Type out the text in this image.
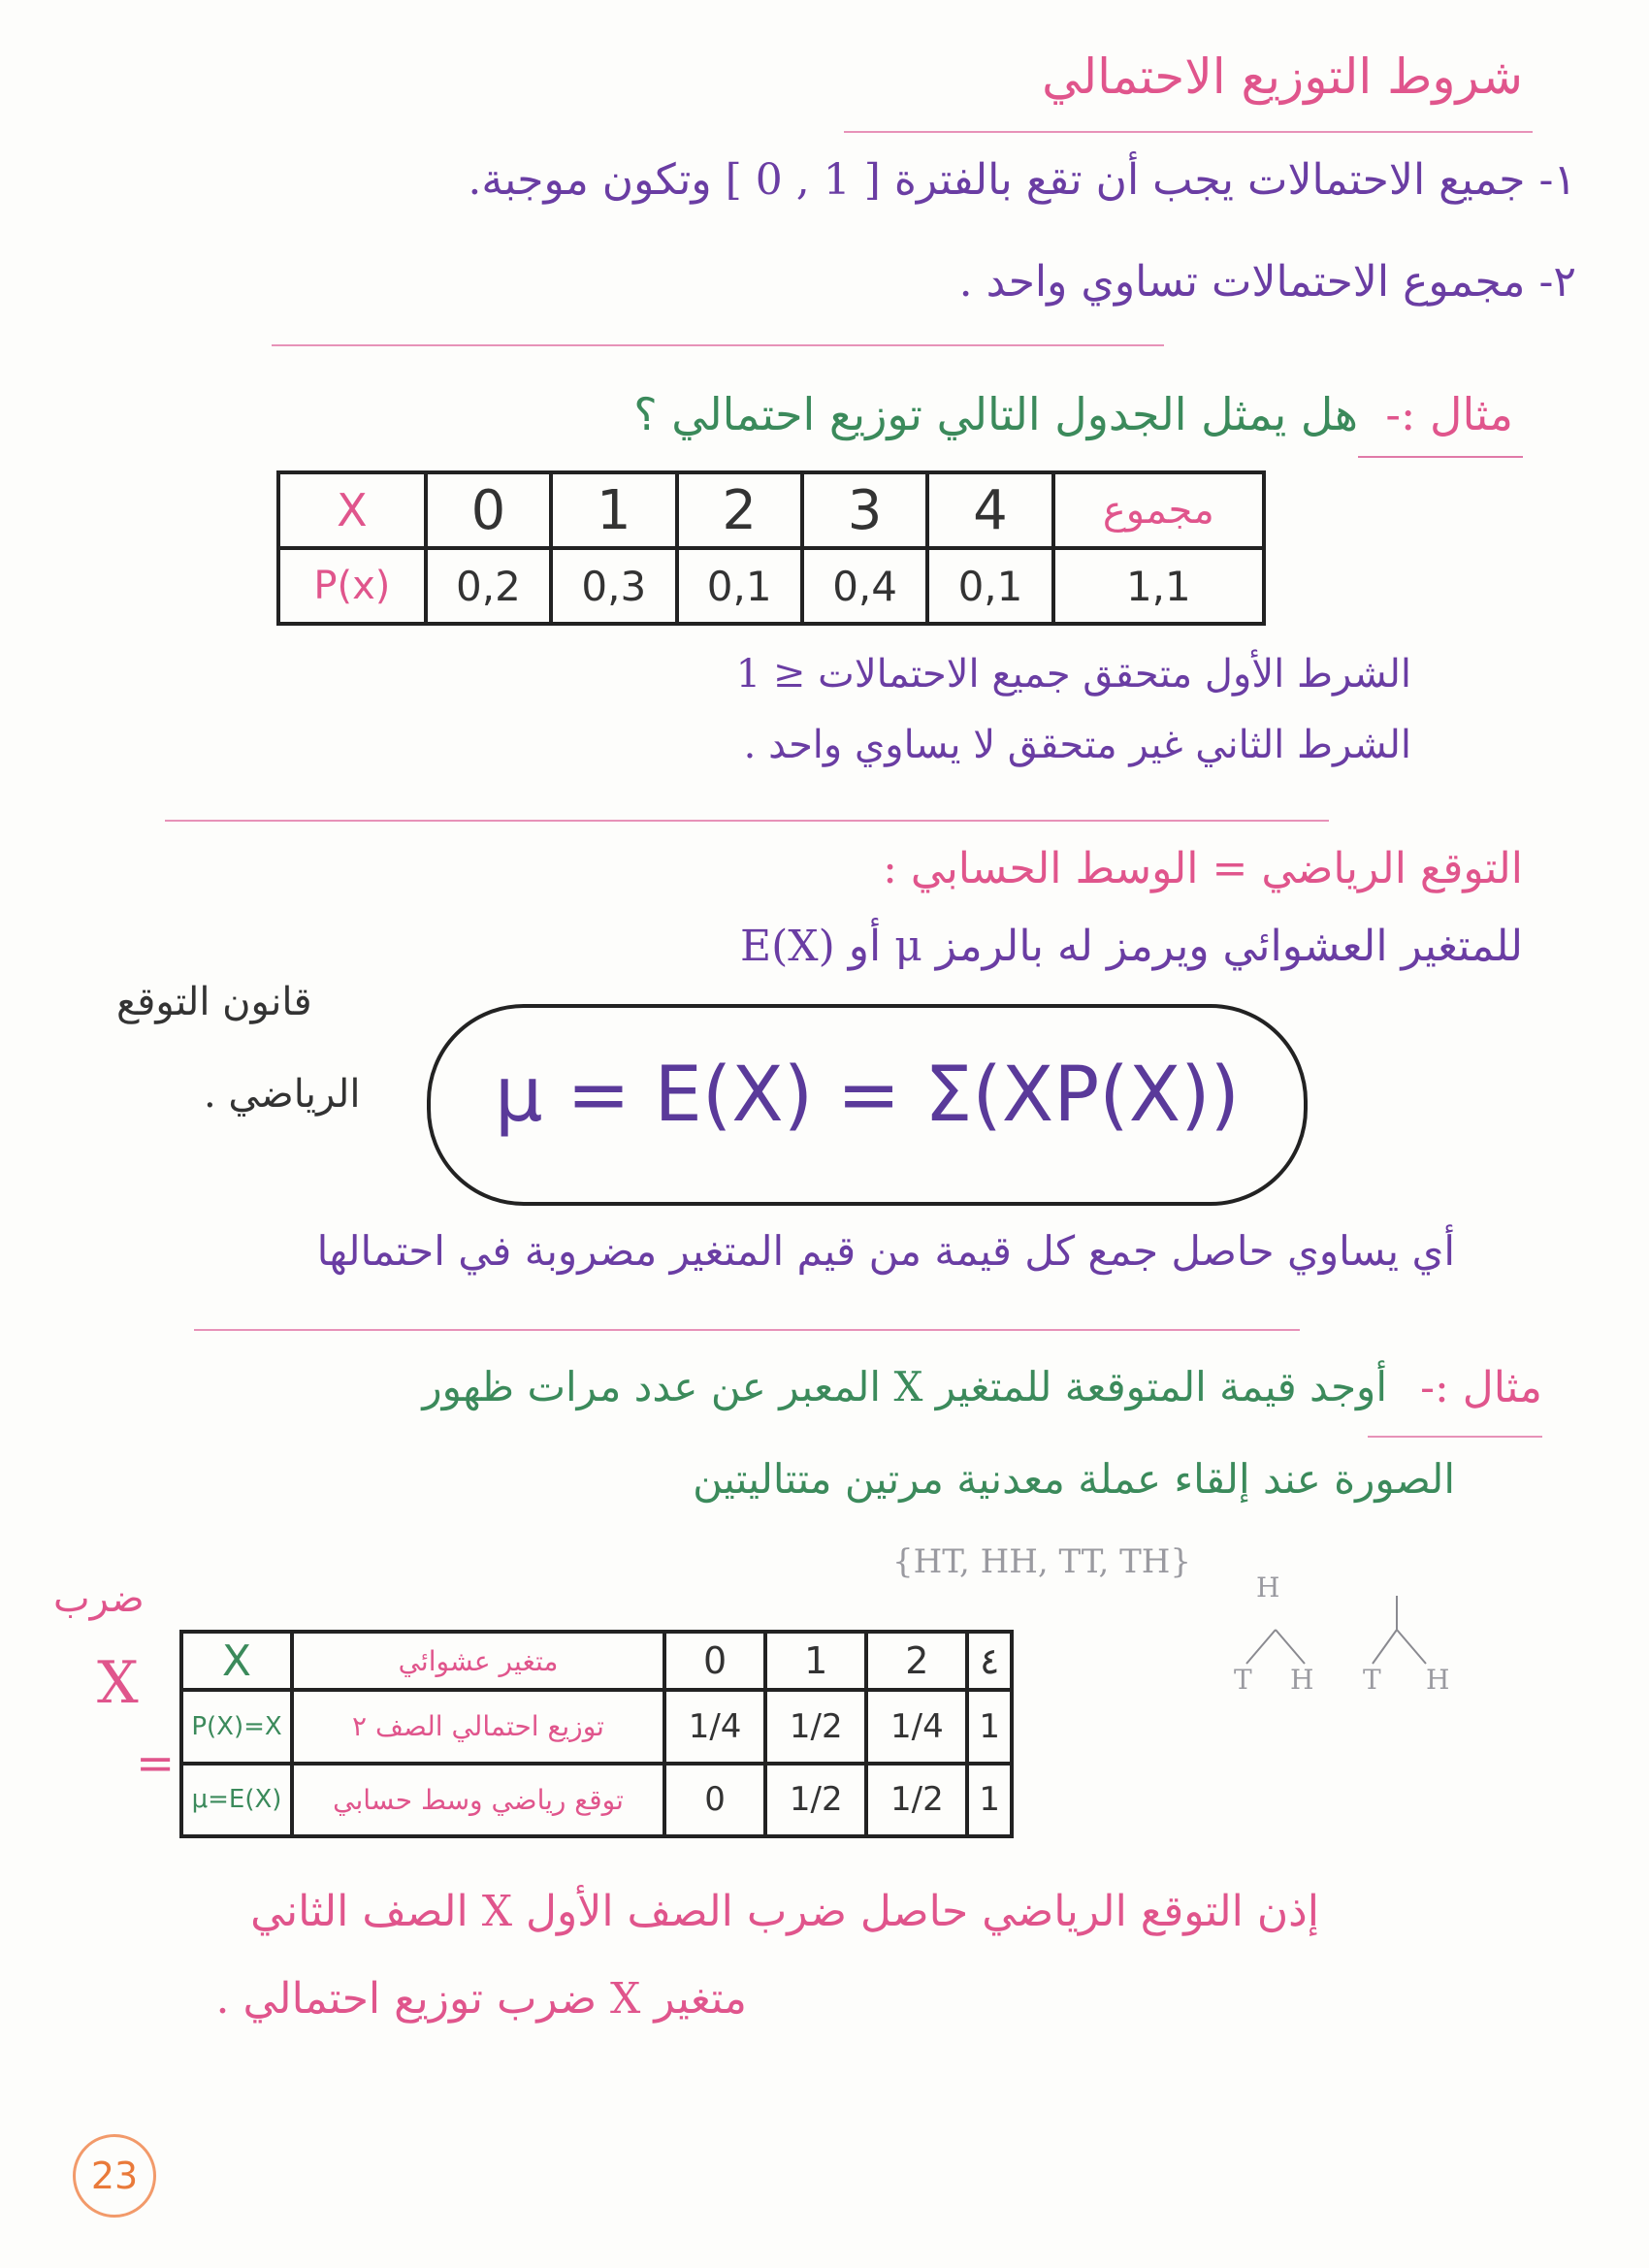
شروط التوزيع الاحتمالي
١- جميع الاحتمالات يجب أن تقع بالفترة [ 1 , 0 ] وتكون موجبة.
٢- مجموع الاحتمالات تساوي واحد .
مثال :-
هل يمثل الجدول التالي توزيع احتمالي ؟
X	0	1	2	3	4	مجموع
P(x)	0,2	0,3	0,1	0,4	0,1	1,1
الشرط الأول متحقق جميع الاحتمالات ≤ 1
الشرط الثاني غير متحقق لا يساوي واحد .
التوقع الرياضي = الوسط الحسابي :
للمتغير العشوائي ويرمز له بالرمز μ أو E(X)
قانون التوقع
الرياضي .	μ = E(X) = Σ(XP(X))
أي يساوي حاصل جمع كل قيمة من قيم المتغير مضروبة في احتمالها
مثال :-
أوجد قيمة المتوقعة للمتغير X المعبر عن عدد مرات ظهور
الصورة عند إلقاء عملة معدنية مرتين متتاليتين
{HT, HH, TT, TH}
H
T H T H
ضرب
X
=
X	متغير عشوائي	0	1	2	٤
P(X)=X	توزيع احتمالي الصف ٢	1/4	1/2	1/4	1
μ=E(X)	توقع رياضي وسط حسابي	0	1/2	1/2	1
إذن التوقع الرياضي حاصل ضرب الصف الأول X الصف الثاني
متغير X ضرب توزيع احتمالي .
23
